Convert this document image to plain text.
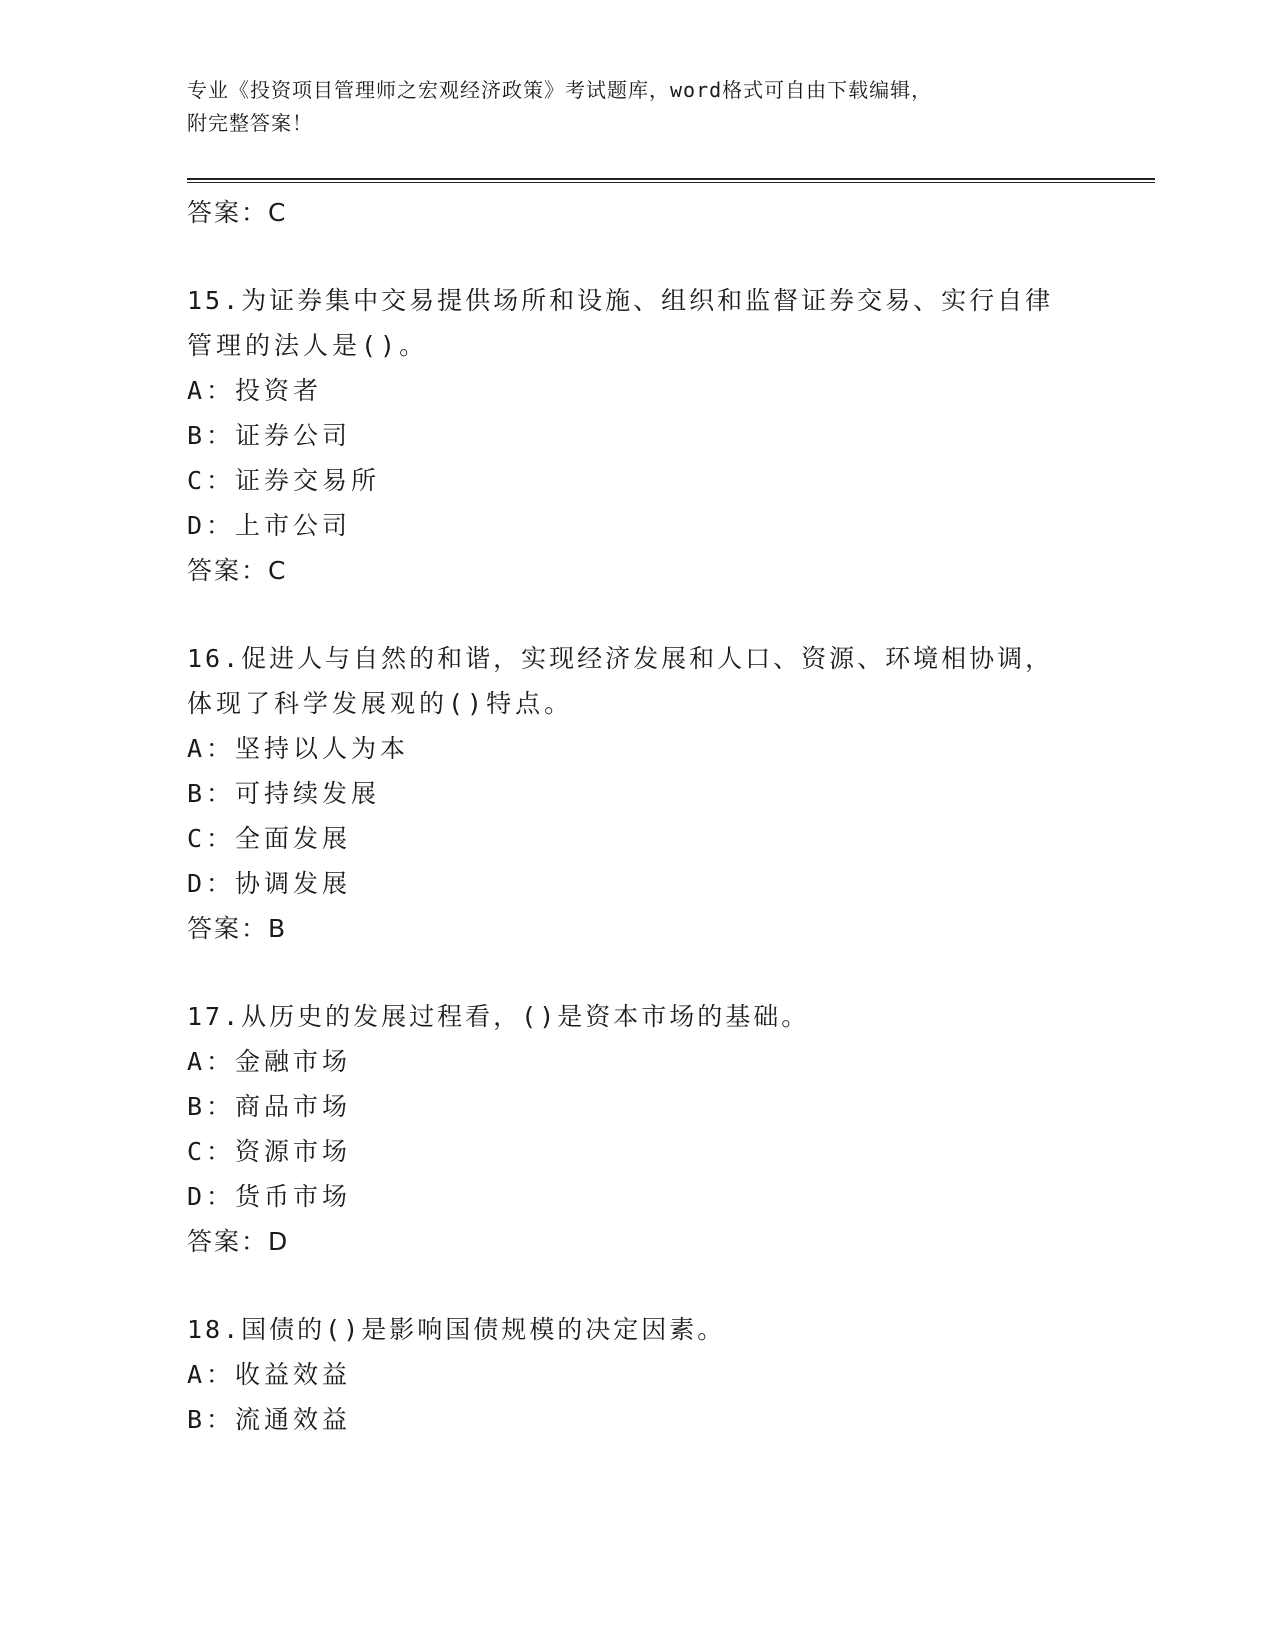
专业《投资项目管理师之宏观经济政策》考试题库，word格式可自由下载编辑，
附完整答案！
答案：C
15.为证券集中交易提供场所和设施、组织和监督证券交易、实行自律
管理的法人是()。
A：投资者
B：证券公司
C：证券交易所
D：上市公司
答案：C
16.促进人与自然的和谐，实现经济发展和人口、资源、环境相协调，
体现了科学发展观的()特点。
A：坚持以人为本
B：可持续发展
C：全面发展
D：协调发展
答案：B
17.从历史的发展过程看，()是资本市场的基础。
A：金融市场
B：商品市场
C：资源市场
D：货币市场
答案：D
18.国债的()是影响国债规模的决定因素。
A：收益效益
B：流通效益
